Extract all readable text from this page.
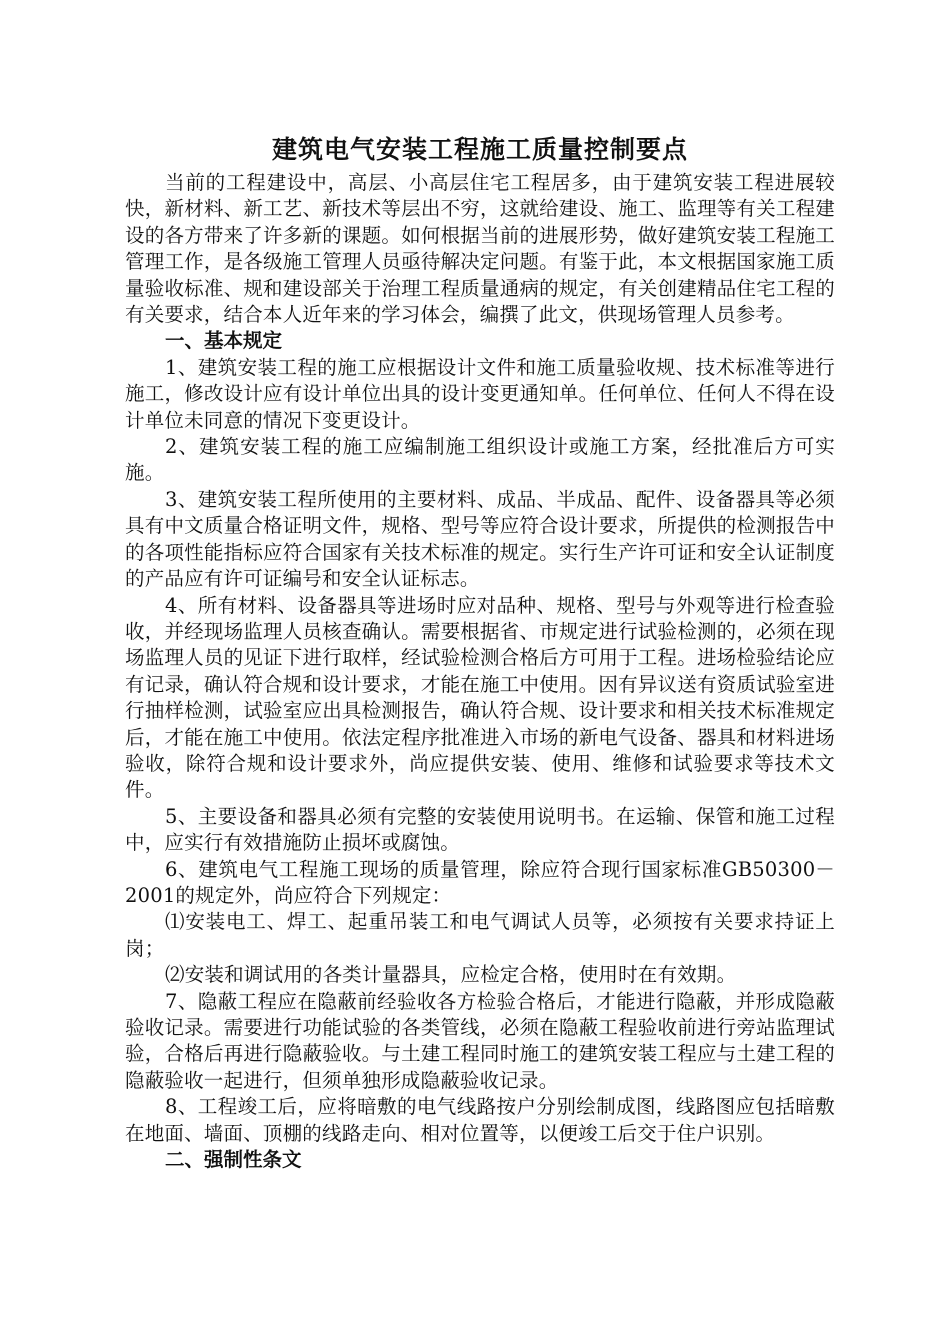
建筑电气安装工程施工质量控制要点

当前的工程建设中，高层、小高层住宅工程居多，由于建筑安装工程进展较快，新材料、新工艺、新技术等层出不穷，这就给建设、施工、监理等有关工程建设的各方带来了许多新的课题。如何根据当前的进展形势，做好建筑安装工程施工管理工作，是各级施工管理人员亟待解决定问题。有鉴于此，本文根据国家施工质量验收标准、规和建设部关于治理工程质量通病的规定，有关创建精品住宅工程的有关要求，结合本人近年来的学习体会，编撰了此文，供现场管理人员参考。

一、基本规定

1、建筑安装工程的施工应根据设计文件和施工质量验收规、技术标准等进行施工，修改设计应有设计单位出具的设计变更通知单。任何单位、任何人不得在设计单位未同意的情况下变更设计。

2、建筑安装工程的施工应编制施工组织设计或施工方案，经批准后方可实施。

3、建筑安装工程所使用的主要材料、成品、半成品、配件、设备器具等必须具有中文质量合格证明文件，规格、型号等应符合设计要求，所提供的检测报告中的各项性能指标应符合国家有关技术标准的规定。实行生产许可证和安全认证制度的产品应有许可证编号和安全认证标志。

4、所有材料、设备器具等进场时应对品种、规格、型号与外观等进行检查验收，并经现场监理人员核查确认。需要根据省、市规定进行试验检测的，必须在现场监理人员的见证下进行取样，经试验检测合格后方可用于工程。进场检验结论应有记录，确认符合规和设计要求，才能在施工中使用。因有异议送有资质试验室进行抽样检测，试验室应出具检测报告，确认符合规、设计要求和相关技术标准规定后，才能在施工中使用。依法定程序批准进入市场的新电气设备、器具和材料进场验收，除符合规和设计要求外，尚应提供安装、使用、维修和试验要求等技术文件。

5、主要设备和器具必须有完整的安装使用说明书。在运输、保管和施工过程中，应实行有效措施防止损坏或腐蚀。

6、建筑电气工程施工现场的质量管理，除应符合现行国家标准GB50300－2001的规定外，尚应符合下列规定：

⑴安装电工、焊工、起重吊装工和电气调试人员等，必须按有关要求持证上岗；

⑵安装和调试用的各类计量器具，应检定合格，使用时在有效期。

7、隐蔽工程应在隐蔽前经验收各方检验合格后，才能进行隐蔽，并形成隐蔽验收记录。需要进行功能试验的各类管线，必须在隐蔽工程验收前进行旁站监理试验，合格后再进行隐蔽验收。与土建工程同时施工的建筑安装工程应与土建工程的隐蔽验收一起进行，但须单独形成隐蔽验收记录。

8、工程竣工后，应将暗敷的电气线路按户分别绘制成图，线路图应包括暗敷在地面、墙面、顶棚的线路走向、相对位置等，以便竣工后交于住户识别。

二、强制性条文
